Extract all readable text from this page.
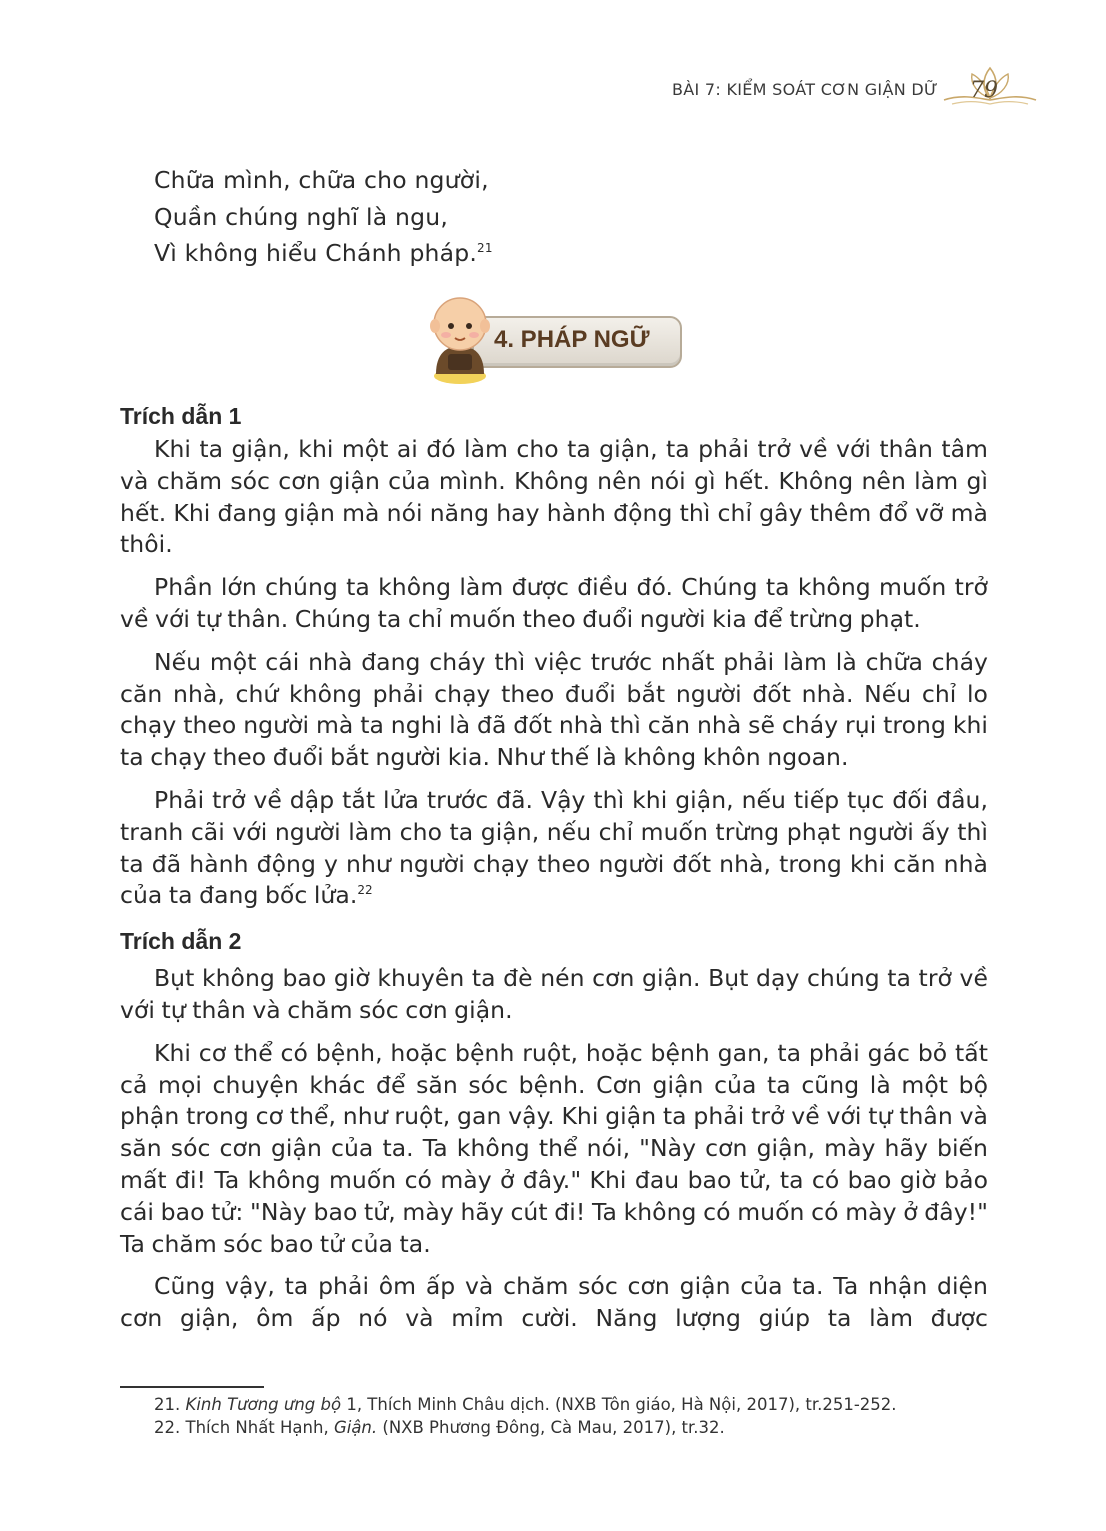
BÀI 7: KIỂM SOÁT CƠN GIẬN DỮ 79
Chữa mình, chữa cho người,
Quần chúng nghĩ là ngu,
Vì không hiểu Chánh pháp.$^{21}$
4. PHÁP NGỮ
Trích dẫn 1

Khi ta giận, khi một ai đó làm cho ta giận, ta phải trở về với thân tâm và chăm sóc cơn giận của mình. Không nên nói gì hết. Không nên làm gì hết. Khi đang giận mà nói năng hay hành động thì chỉ gây thêm đổ vỡ mà thôi.

Phần lớn chúng ta không làm được điều đó. Chúng ta không muốn trở về với tự thân. Chúng ta chỉ muốn theo đuổi người kia để trừng phạt.

Nếu một cái nhà đang cháy thì việc trước nhất phải làm là chữa cháy căn nhà, chứ không phải chạy theo đuổi bắt người đốt nhà. Nếu chỉ lo chạy theo người mà ta nghi là đã đốt nhà thì căn nhà sẽ cháy rụi trong khi ta chạy theo đuổi bắt người kia. Như thế là không khôn ngoan.

Phải trở về dập tắt lửa trước đã. Vậy thì khi giận, nếu tiếp tục đối đầu, tranh cãi với người làm cho ta giận, nếu chỉ muốn trừng phạt người ấy thì ta đã hành động y như người chạy theo người đốt nhà, trong khi căn nhà của ta đang bốc lửa.$^{22}$

Trích dẫn 2

Bụt không bao giờ khuyên ta đè nén cơn giận. Bụt dạy chúng ta trở về với tự thân và chăm sóc cơn giận.

Khi cơ thể có bệnh, hoặc bệnh ruột, hoặc bệnh gan, ta phải gác bỏ tất cả mọi chuyện khác để săn sóc bệnh. Cơn giận của ta cũng là một bộ phận trong cơ thể, như ruột, gan vậy. Khi giận ta phải trở về với tự thân và săn sóc cơn giận của ta. Ta không thể nói, "Này cơn giận, mày hãy biến mất đi! Ta không muốn có mày ở đây." Khi đau bao tử, ta có bao giờ bảo cái bao tử: "Này bao tử, mày hãy cút đi! Ta không có muốn có mày ở đây!" Ta chăm sóc bao tử của ta.

Cũng vậy, ta phải ôm ấp và chăm sóc cơn giận của ta. Ta nhận diện cơn giận, ôm ấp nó và mỉm cười. Năng lượng giúp ta làm được

21. Kinh Tương ưng bộ 1, Thích Minh Châu dịch. (NXB Tôn giáo, Hà Nội, 2017), tr.251-252.
22. Thích Nhất Hạnh, Giận. (NXB Phương Đông, Cà Mau, 2017), tr.32.
